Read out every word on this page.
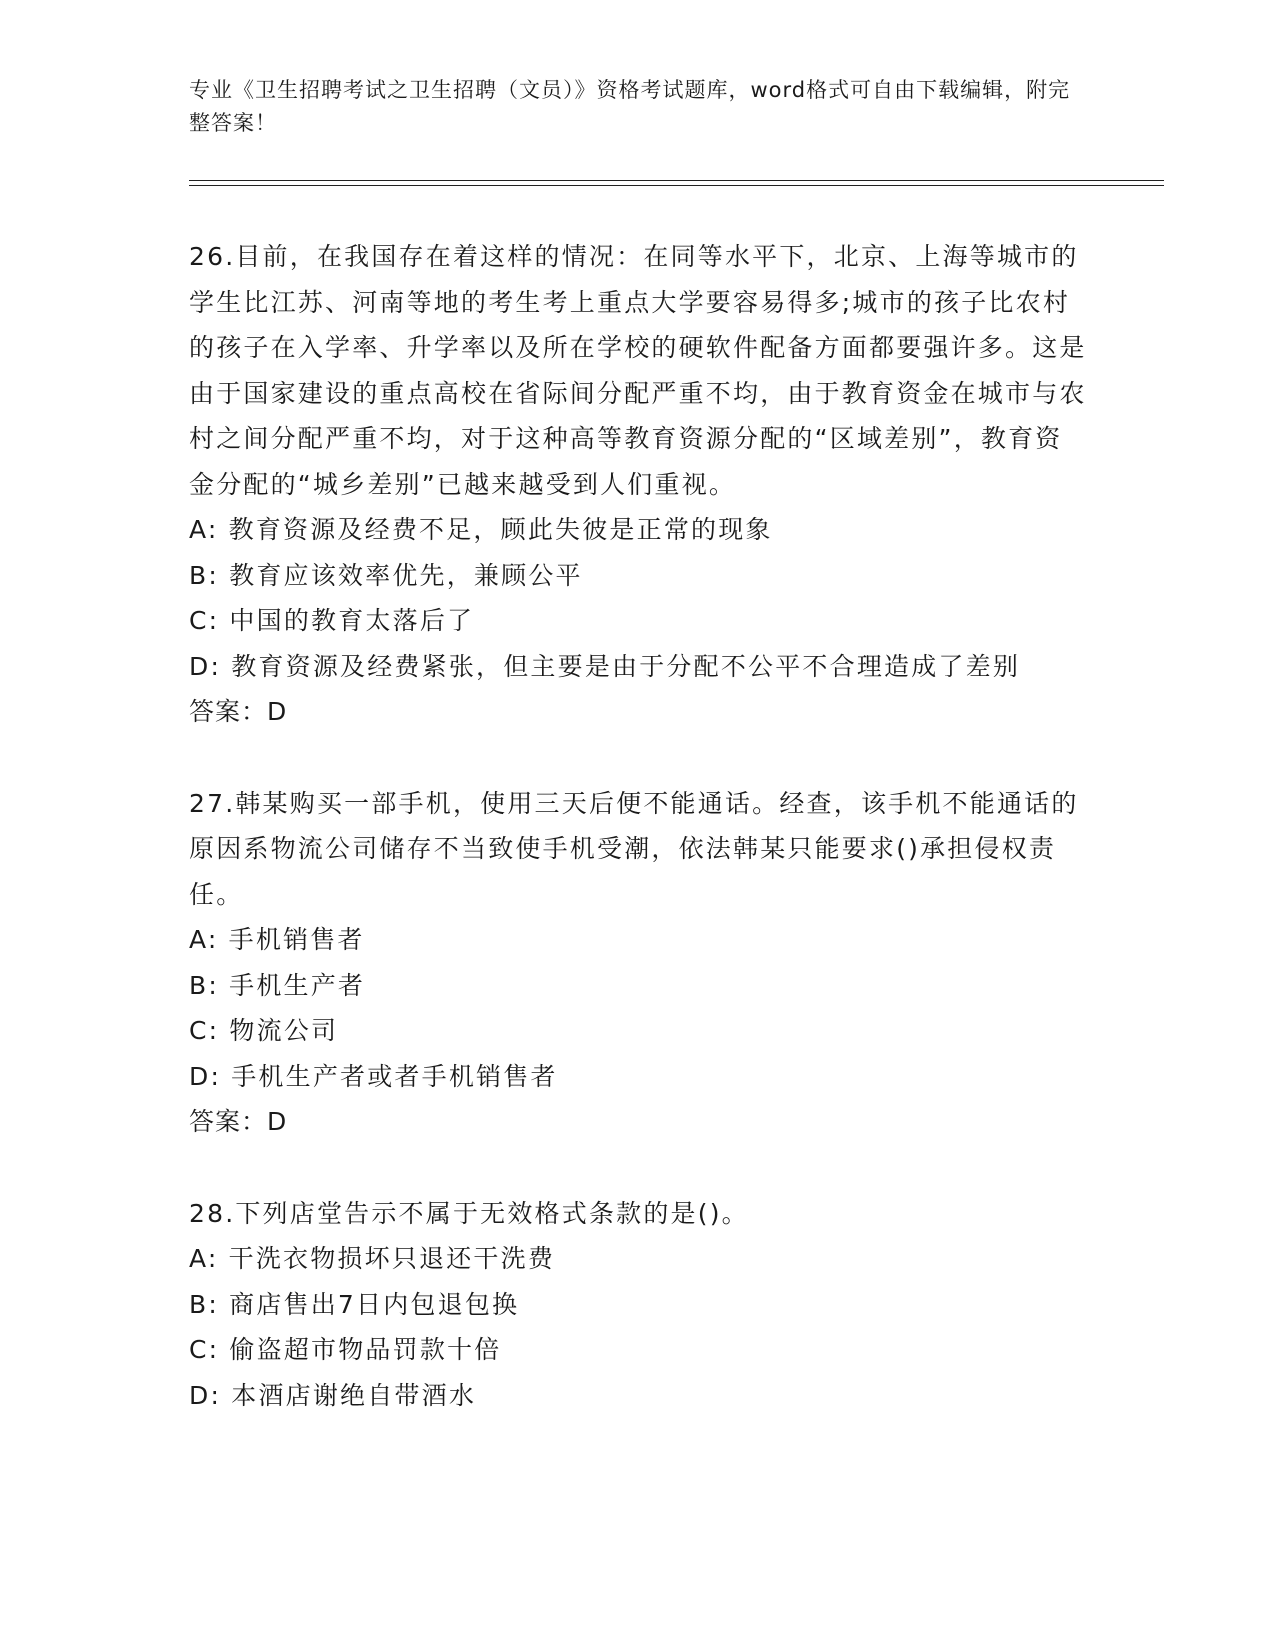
专业《卫生招聘考试之卫生招聘（文员）》资格考试题库，word格式可自由下载编辑，附完整答案！

26.目前，在我国存在着这样的情况：在同等水平下，北京、上海等城市的学生比江苏、河南等地的考生考上重点大学要容易得多;城市的孩子比农村的孩子在入学率、升学率以及所在学校的硬软件配备方面都要强许多。这是由于国家建设的重点高校在省际间分配严重不均，由于教育资金在城市与农村之间分配严重不均，对于这种高等教育资源分配的“区域差别”，教育资金分配的“城乡差别”已越来越受到人们重视。

A: 教育资源及经费不足，顾此失彼是正常的现象

B: 教育应该效率优先，兼顾公平

C: 中国的教育太落后了

D: 教育资源及经费紧张，但主要是由于分配不公平不合理造成了差别

答案：D

27.韩某购买一部手机，使用三天后便不能通话。经查，该手机不能通话的原因系物流公司储存不当致使手机受潮，依法韩某只能要求()承担侵权责任。

A: 手机销售者

B: 手机生产者

C: 物流公司

D: 手机生产者或者手机销售者

答案：D

28.下列店堂告示不属于无效格式条款的是()。

A: 干洗衣物损坏只退还干洗费

B: 商店售出7日内包退包换

C: 偷盗超市物品罚款十倍

D: 本酒店谢绝自带酒水
